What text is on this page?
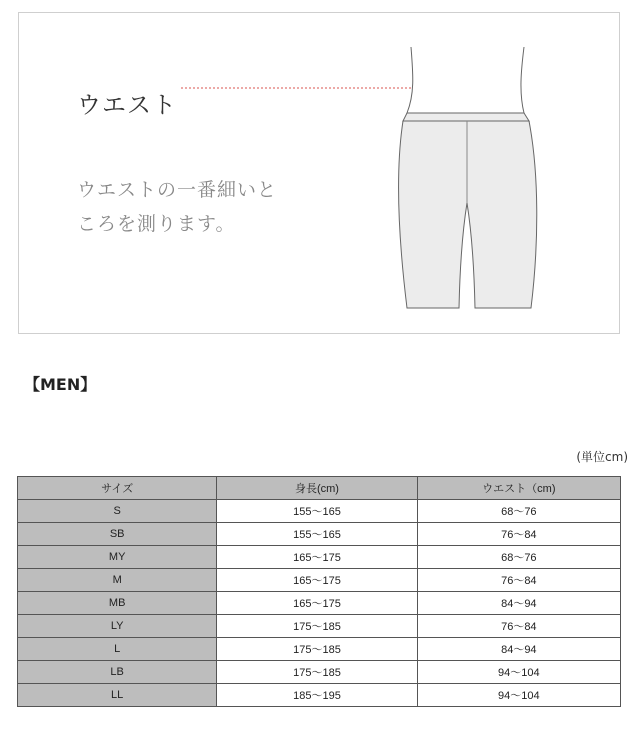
ウエスト
ウエストの一番細いと
ころを測ります。
【MEN】
(単位cm)
サイズ	身長(cm)	ウエスト（cm)
S	155～165	68～76
SB	155～165	76～84
MY	165～175	68～76
M	165～175	76～84
MB	165～175	84～94
LY	175～185	76～84
L	175～185	84～94
LB	175～185	94～104
LL	185～195	94～104
